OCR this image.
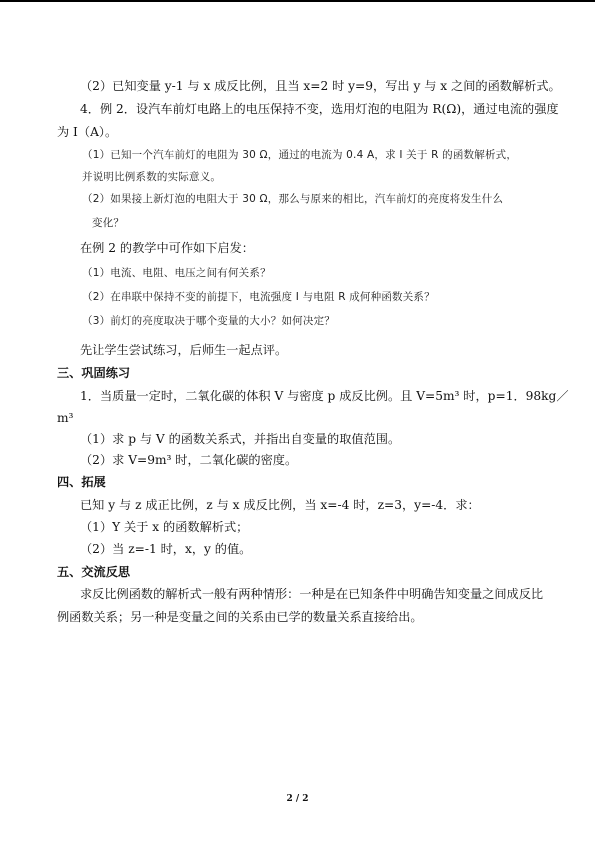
（2）已知变量 y-1 与 x 成反比例，且当 x=2 时 y=9，写出 y 与 x 之间的函数解析式。
4．例 2．设汽车前灯电路上的电压保持不变，选用灯泡的电阻为 R(Ω)，通过电流的强度
为 I（A）。
（1）已知一个汽车前灯的电阻为 30 Ω，通过的电流为 0.4 A，求 I 关于 R 的函数解析式，
并说明比例系数的实际意义。
（2）如果接上新灯泡的电阻大于 30 Ω，那么与原来的相比，汽车前灯的亮度将发生什么
变化？
在例 2 的教学中可作如下启发：
（1）电流、电阻、电压之间有何关系？
（2）在串联中保持不变的前提下，电流强度 I 与电阻 R 成何种函数关系？
（3）前灯的亮度取决于哪个变量的大小？如何决定？
先让学生尝试练习，后师生一起点评。
三、巩固练习
1．当质量一定时，二氧化碳的体积 V 与密度 p 成反比例。且 V=5m³ 时，p=1．98kg／
m³
（1）求 p 与 V 的函数关系式，并指出自变量的取值范围。
（2）求 V=9m³ 时，二氧化碳的密度。
四、拓展
已知 y 与 z 成正比例，z 与 x 成反比例，当 x=-4 时，z=3，y=-4．求：
（1）Y 关于 x 的函数解析式；
（2）当 z=-1 时，x，y 的值。
五、交流反思
求反比例函数的解析式一般有两种情形：一种是在已知条件中明确告知变量之间成反比
例函数关系；另一种是变量之间的关系由已学的数量关系直接给出。
2 / 2
